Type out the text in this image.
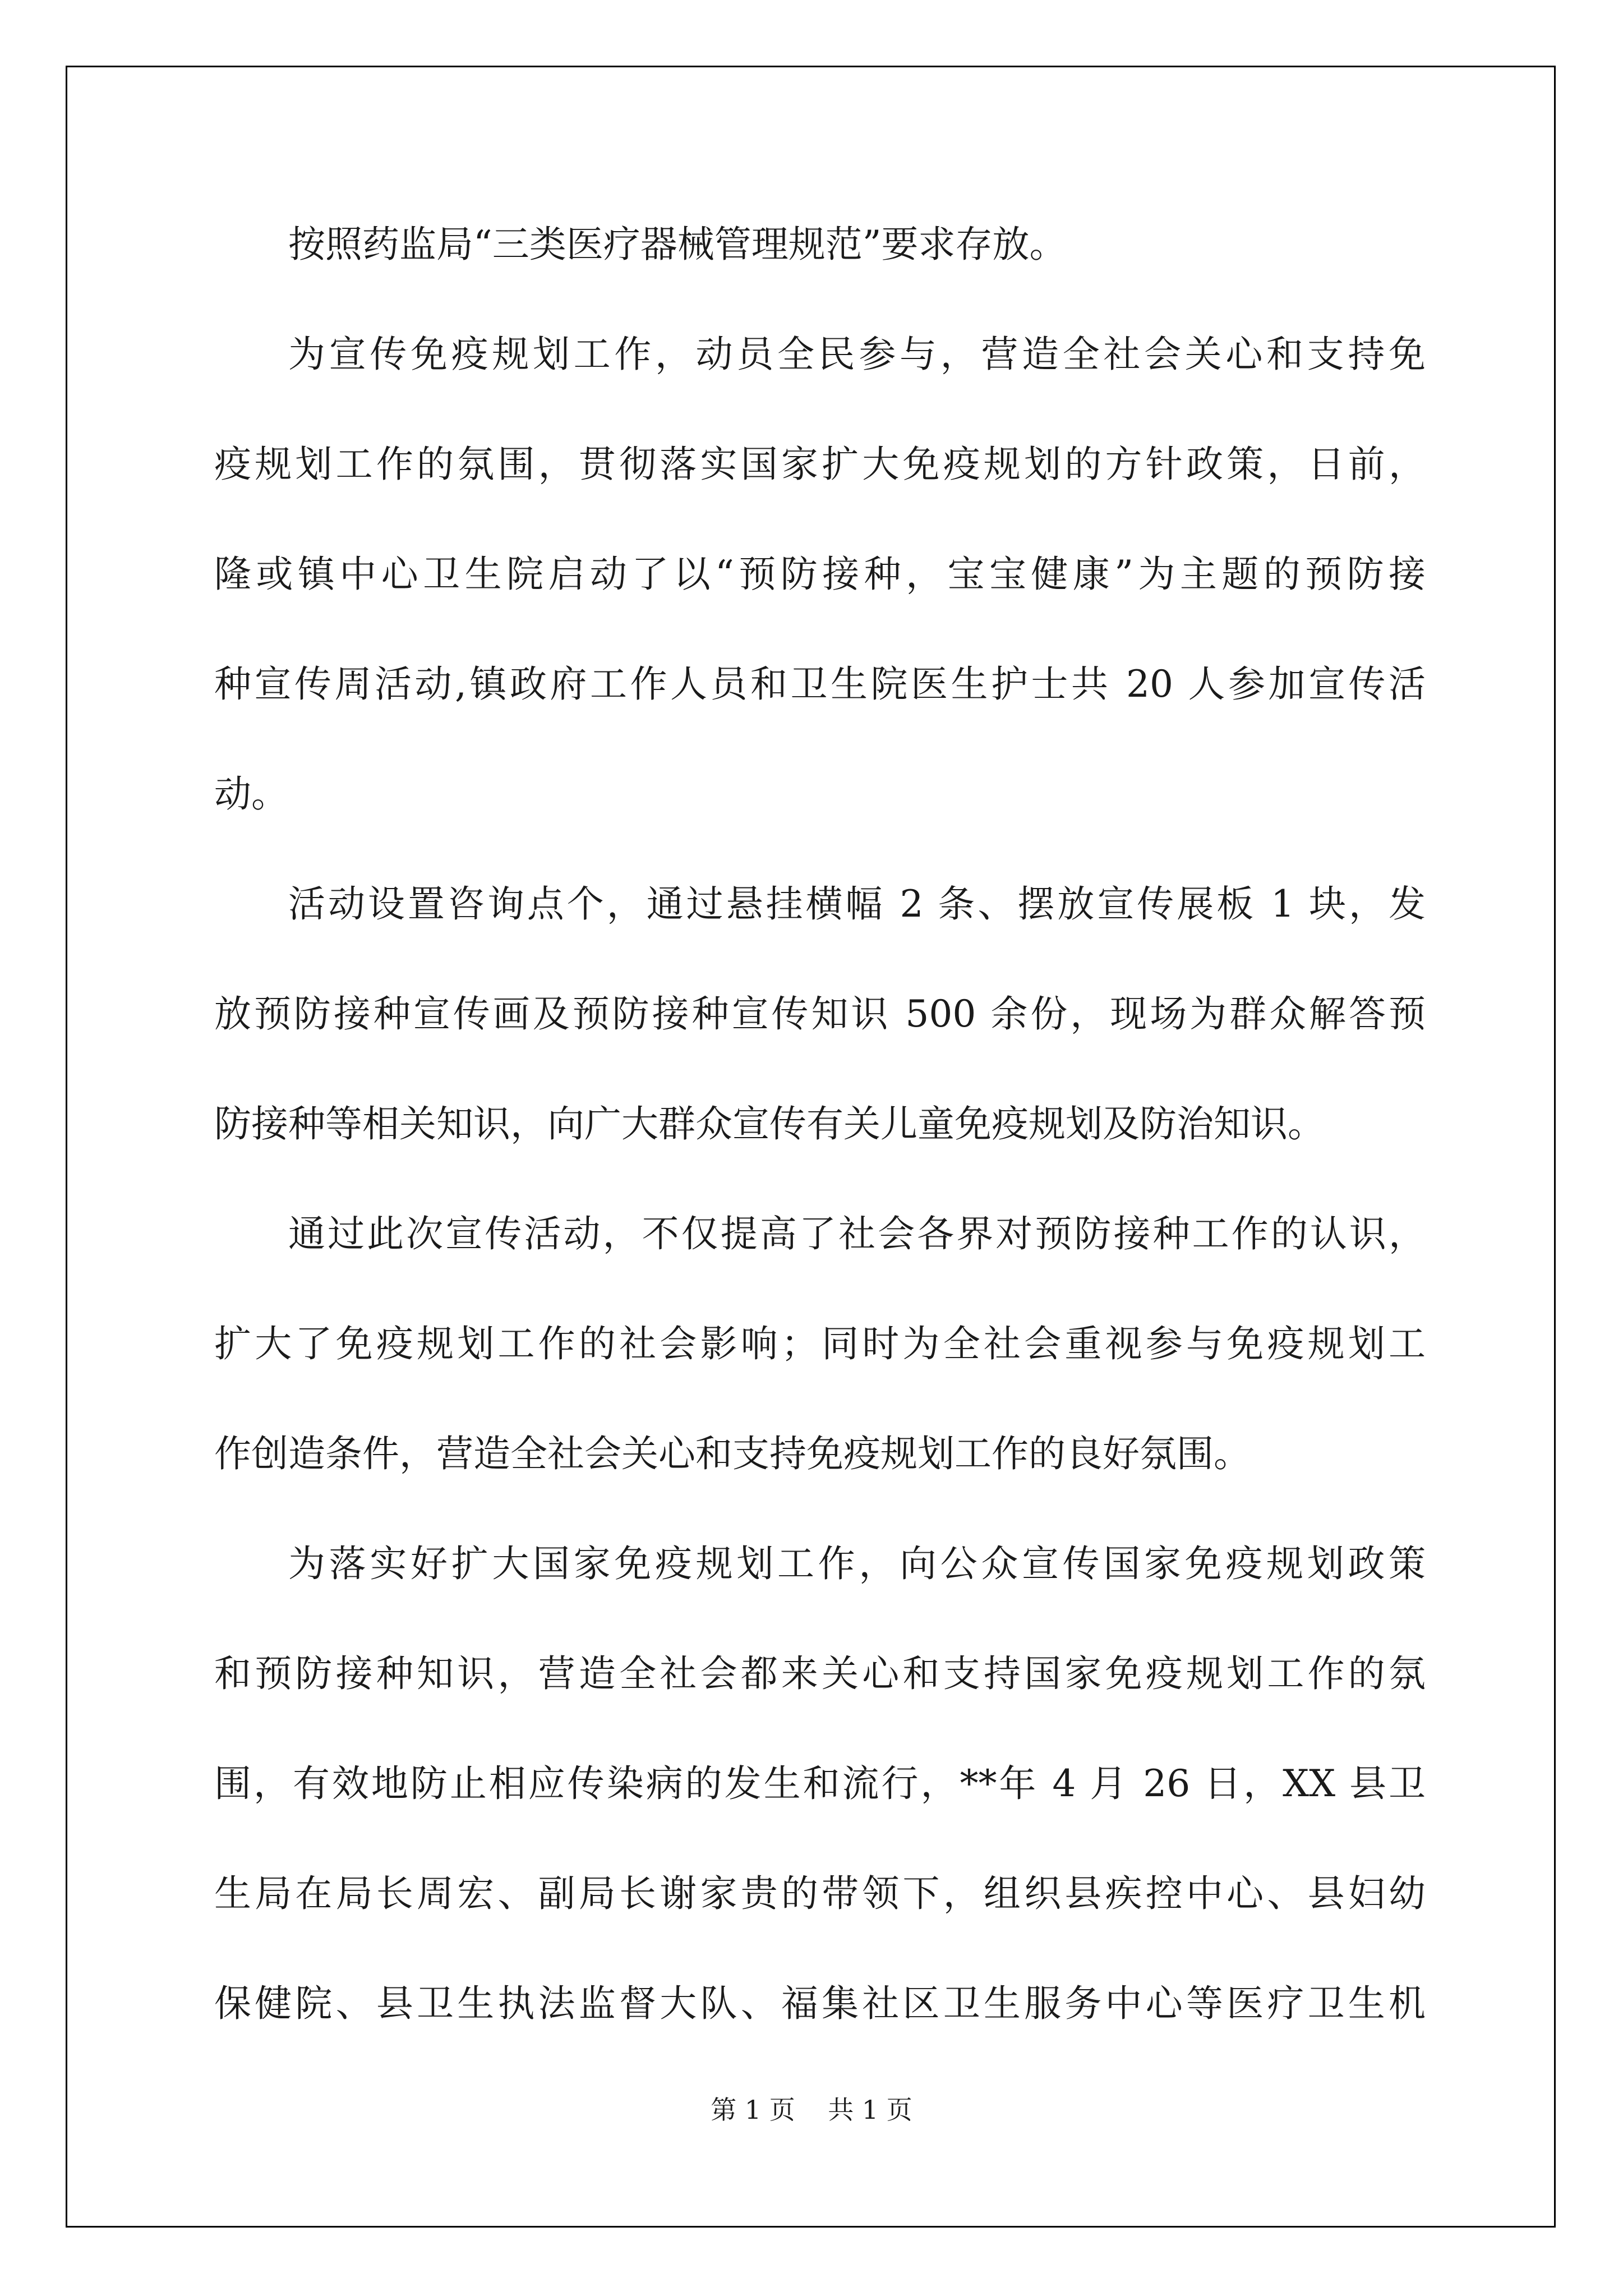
按照药监局“三类医疗器械管理规范”要求存放。
为宣传免疫规划工作，动员全民参与，营造全社会关心和支持免
疫规划工作的氛围，贯彻落实国家扩大免疫规划的方针政策，日前，
隆或镇中心卫生院启动了以“预防接种，宝宝健康”为主题的预防接
种宣传周活动,镇政府工作人员和卫生院医生护士共 20 人参加宣传活
动。
活动设置咨询点个，通过悬挂横幅 2 条、摆放宣传展板 1 块，发
放预防接种宣传画及预防接种宣传知识 500 余份，现场为群众解答预
防接种等相关知识，向广大群众宣传有关儿童免疫规划及防治知识。
通过此次宣传活动，不仅提高了社会各界对预防接种工作的认识，
扩大了免疫规划工作的社会影响；同时为全社会重视参与免疫规划工
作创造条件，营造全社会关心和支持免疫规划工作的良好氛围。
为落实好扩大国家免疫规划工作，向公众宣传国家免疫规划政策
和预防接种知识，营造全社会都来关心和支持国家免疫规划工作的氛
围，有效地防止相应传染病的发生和流行，**年 4 月 26 日，XX 县卫
生局在局长周宏、副局长谢家贵的带领下，组织县疾控中心、县妇幼
保健院、县卫生执法监督大队、福集社区卫生服务中心等医疗卫生机
第 1 页    共 1 页
